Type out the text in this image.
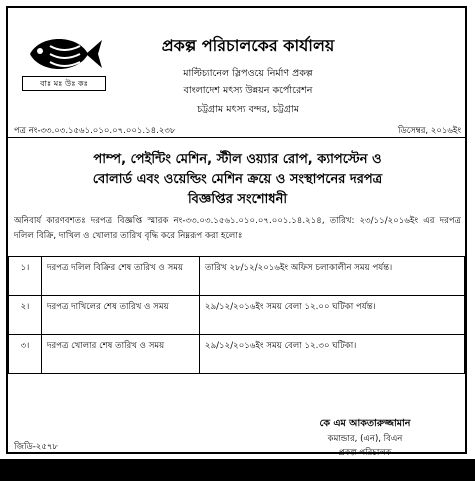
বাঃ মঃ উঃ কঃ
প্রকল্প পরিচালকের কার্যালয়
মাল্টিচ্যানেল স্লিপওয়ে নির্মাণ প্রকল্প
বাংলাদেশ মৎস্য উন্নয়ন কর্পোরেশন
চট্টগ্রাম মৎস্য বন্দর, চট্টগ্রাম
পত্র নং-৩৩.০৩.১৫৬১.০১০.০৭.০০১.১৪.২৩৮	ডিসেম্বর, ২০১৬ইং
পাম্প, পেইন্টিং মেশিন, স্টীল ওয়্যার রোপ, ক্যাপস্টেন ও
বোলার্ড এবং ওয়েল্ডিং মেশিন ক্রয়ে ও সংস্থাপনের দরপত্র
বিজ্ঞপ্তির সংশোধনী
অনিবার্য কারণবশতঃ দরপত্র বিজ্ঞপ্তি স্মারক নং-৩৩.০৩.১৫৬১.০১০.০৭.০০১.১৪.২১৪, তারিখ: ২৩/১১/২০১৬ইং এর দরপত্র দলিল বিক্রি, দাখিল ও খোলার তারিখ বৃদ্ধি করে নিম্নরূপ করা হলোঃ
১।	দরপত্র দলিল বিক্রির শেষ তারিখ ও সময়	তারিখ ২৮/১২/২০১৬ইং অফিস চলাকালীন সময় পর্যন্ত।
২।	দরপত্র দাখিলের শেষ তারিখ ও সময়	২৯/১২/২০১৬ইং সময় বেলা ১২.০০ ঘটিকা পর্যন্ত।
৩।	দরপত্র খোলার শেষ তারিখ ও সময়	২৯/১২/২০১৬ইং সময় বেলা ১২.৩০ ঘটিকা।
কে এম আকতারুজ্জামান
কমান্ডার, (এন), বিএন
প্রকল্প পরিচালক
জিডি-২৫৭৮
